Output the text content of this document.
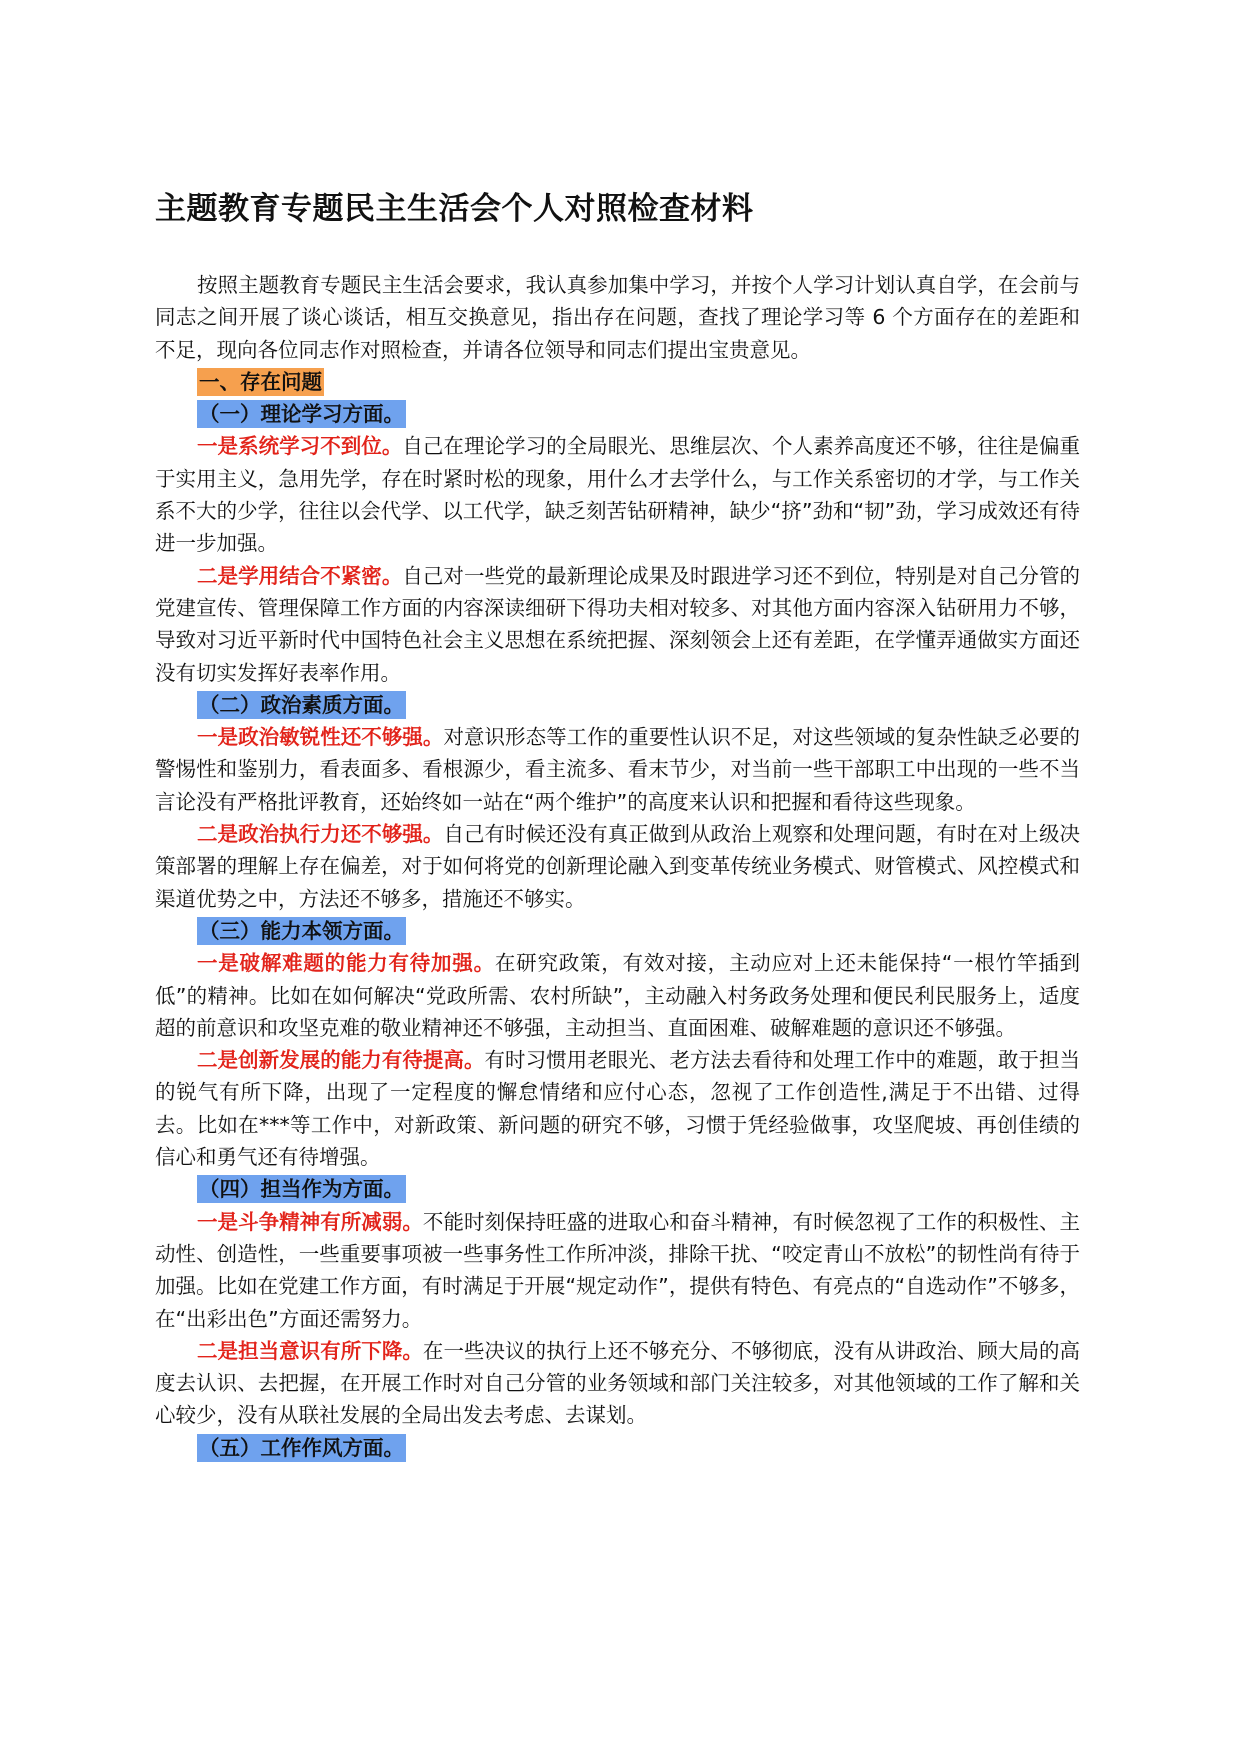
主题教育专题民主生活会个人对照检查材料

按照主题教育专题民主生活会要求，我认真参加集中学习，并按个人学习计划认真自学，在会前与同志之间开展了谈心谈话，相互交换意见，指出存在问题，查找了理论学习等 6 个方面存在的差距和不足，现向各位同志作对照检查，并请各位领导和同志们提出宝贵意见。

一、存在问题

（一）理论学习方面。

一是系统学习不到位。自己在理论学习的全局眼光、思维层次、个人素养高度还不够，往往是偏重于实用主义，急用先学，存在时紧时松的现象，用什么才去学什么，与工作关系密切的才学，与工作关系不大的少学，往往以会代学、以工代学，缺乏刻苦钻研精神，缺少“挤”劲和“韧”劲，学习成效还有待进一步加强。

二是学用结合不紧密。自己对一些党的最新理论成果及时跟进学习还不到位，特别是对自己分管的党建宣传、管理保障工作方面的内容深读细研下得功夫相对较多、对其他方面内容深入钻研用力不够，导致对习近平新时代中国特色社会主义思想在系统把握、深刻领会上还有差距，在学懂弄通做实方面还没有切实发挥好表率作用。

（二）政治素质方面。

一是政治敏锐性还不够强。对意识形态等工作的重要性认识不足，对这些领域的复杂性缺乏必要的警惕性和鉴别力，看表面多、看根源少，看主流多、看末节少，对当前一些干部职工中出现的一些不当言论没有严格批评教育，还始终如一站在“两个维护”的高度来认识和把握和看待这些现象。

二是政治执行力还不够强。自己有时候还没有真正做到从政治上观察和处理问题，有时在对上级决策部署的理解上存在偏差，对于如何将党的创新理论融入到变革传统业务模式、财管模式、风控模式和渠道优势之中，方法还不够多，措施还不够实。

（三）能力本领方面。

一是破解难题的能力有待加强。在研究政策，有效对接，主动应对上还未能保持“一根竹竿插到低”的精神。比如在如何解决“党政所需、农村所缺”，主动融入村务政务处理和便民利民服务上，适度超的前意识和攻坚克难的敬业精神还不够强，主动担当、直面困难、破解难题的意识还不够强。

二是创新发展的能力有待提高。有时习惯用老眼光、老方法去看待和处理工作中的难题，敢于担当的锐气有所下降，出现了一定程度的懈怠情绪和应付心态，忽视了工作创造性,满足于不出错、过得去。比如在***等工作中，对新政策、新问题的研究不够，习惯于凭经验做事，攻坚爬坡、再创佳绩的信心和勇气还有待增强。

（四）担当作为方面。

一是斗争精神有所减弱。不能时刻保持旺盛的进取心和奋斗精神，有时候忽视了工作的积极性、主动性、创造性，一些重要事项被一些事务性工作所冲淡，排除干扰、“咬定青山不放松”的韧性尚有待于加强。比如在党建工作方面，有时满足于开展“规定动作”，提供有特色、有亮点的“自选动作”不够多，在“出彩出色”方面还需努力。

二是担当意识有所下降。在一些决议的执行上还不够充分、不够彻底，没有从讲政治、顾大局的高度去认识、去把握，在开展工作时对自己分管的业务领域和部门关注较多，对其他领域的工作了解和关心较少，没有从联社发展的全局出发去考虑、去谋划。

（五）工作作风方面。
